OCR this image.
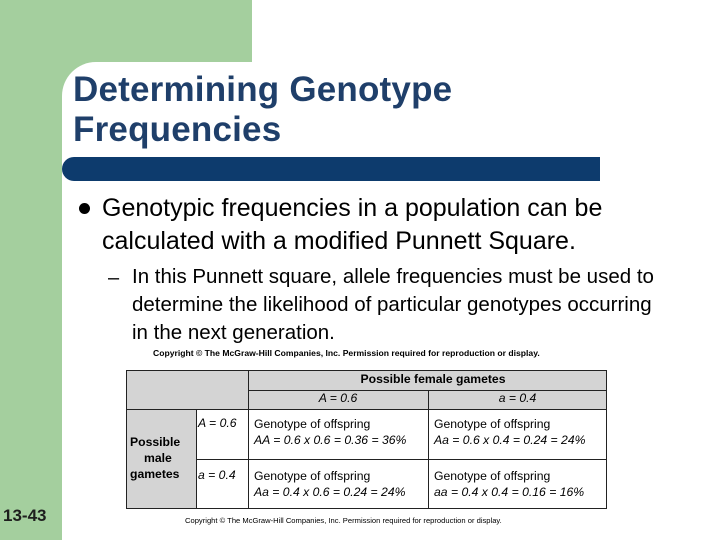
Determining Genotype
Frequencies
Genotypic frequencies in a population can be calculated with a modified Punnett Square.
– In this Punnett square, allele frequencies must be used to determine the likelihood of particular genotypes occurring in the next generation.
Copyright © The McGraw-Hill Companies, Inc. Permission required for reproduction or display.
Possible female gametes
A = 0.6	a = 0.4
Possible
male
gametes
A = 0.6
a = 0.4
Genotype of offspring
AA = 0.6 x 0.6 = 0.36 = 36%
Genotype of offspring
Aa = 0.6 x 0.4 = 0.24 = 24%
Genotype of offspring
Aa = 0.4 x 0.6 = 0.24 = 24%
Genotype of offspring
aa = 0.4 x 0.4 = 0.16 = 16%
Copyright © The McGraw-Hill Companies, Inc. Permission required for reproduction or display.
13-43
